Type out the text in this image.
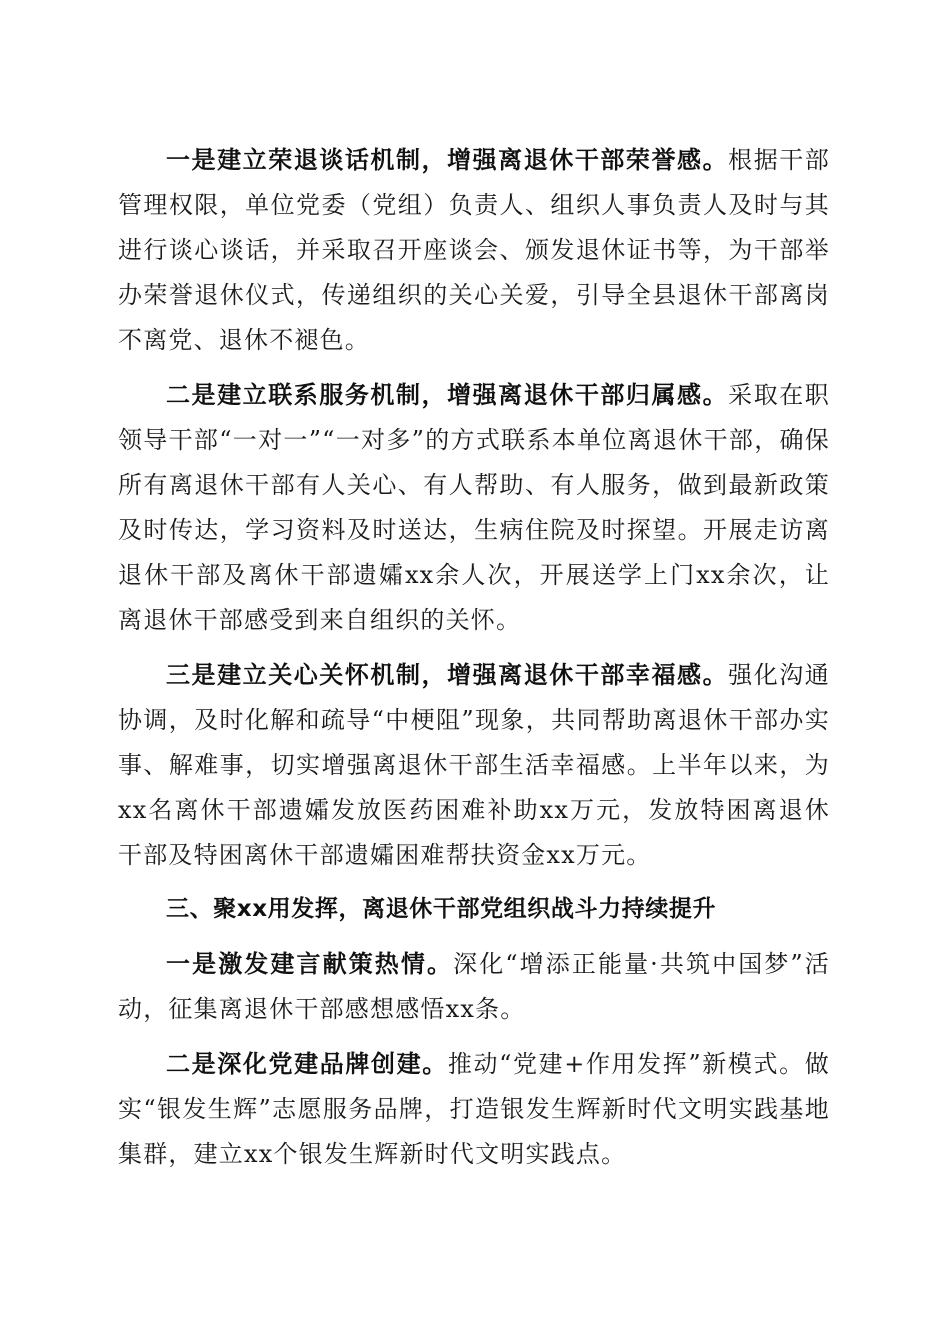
一是建立荣退谈话机制，增强离退休干部荣誉感。根据干部管理权限，单位党委（党组）负责人、组织人事负责人及时与其进行谈心谈话，并采取召开座谈会、颁发退休证书等，为干部举办荣誉退休仪式，传递组织的关心关爱，引导全县退休干部离岗不离党、退休不褪色。

二是建立联系服务机制，增强离退休干部归属感。采取在职领导干部“一对一”“一对多”的方式联系本单位离退休干部，确保所有离退休干部有人关心、有人帮助、有人服务，做到最新政策及时传达，学习资料及时送达，生病住院及时探望。开展走访离退休干部及离休干部遗孀xx余人次，开展送学上门xx余次，让离退休干部感受到来自组织的关怀。

三是建立关心关怀机制，增强离退休干部幸福感。强化沟通协调，及时化解和疏导“中梗阻”现象，共同帮助离退休干部办实事、解难事，切实增强离退休干部生活幸福感。上半年以来，为xx名离休干部遗孀发放医药困难补助xx万元，发放特困离退休干部及特困离休干部遗孀困难帮扶资金xx万元。

三、聚xx用发挥，离退休干部党组织战斗力持续提升

一是激发建言献策热情。深化“增添正能量·共筑中国梦”活动，征集离退休干部感想感悟xx条。

二是深化党建品牌创建。推动“党建+作用发挥”新模式。做实“银发生辉”志愿服务品牌，打造银发生辉新时代文明实践基地集群，建立xx个银发生辉新时代文明实践点。
